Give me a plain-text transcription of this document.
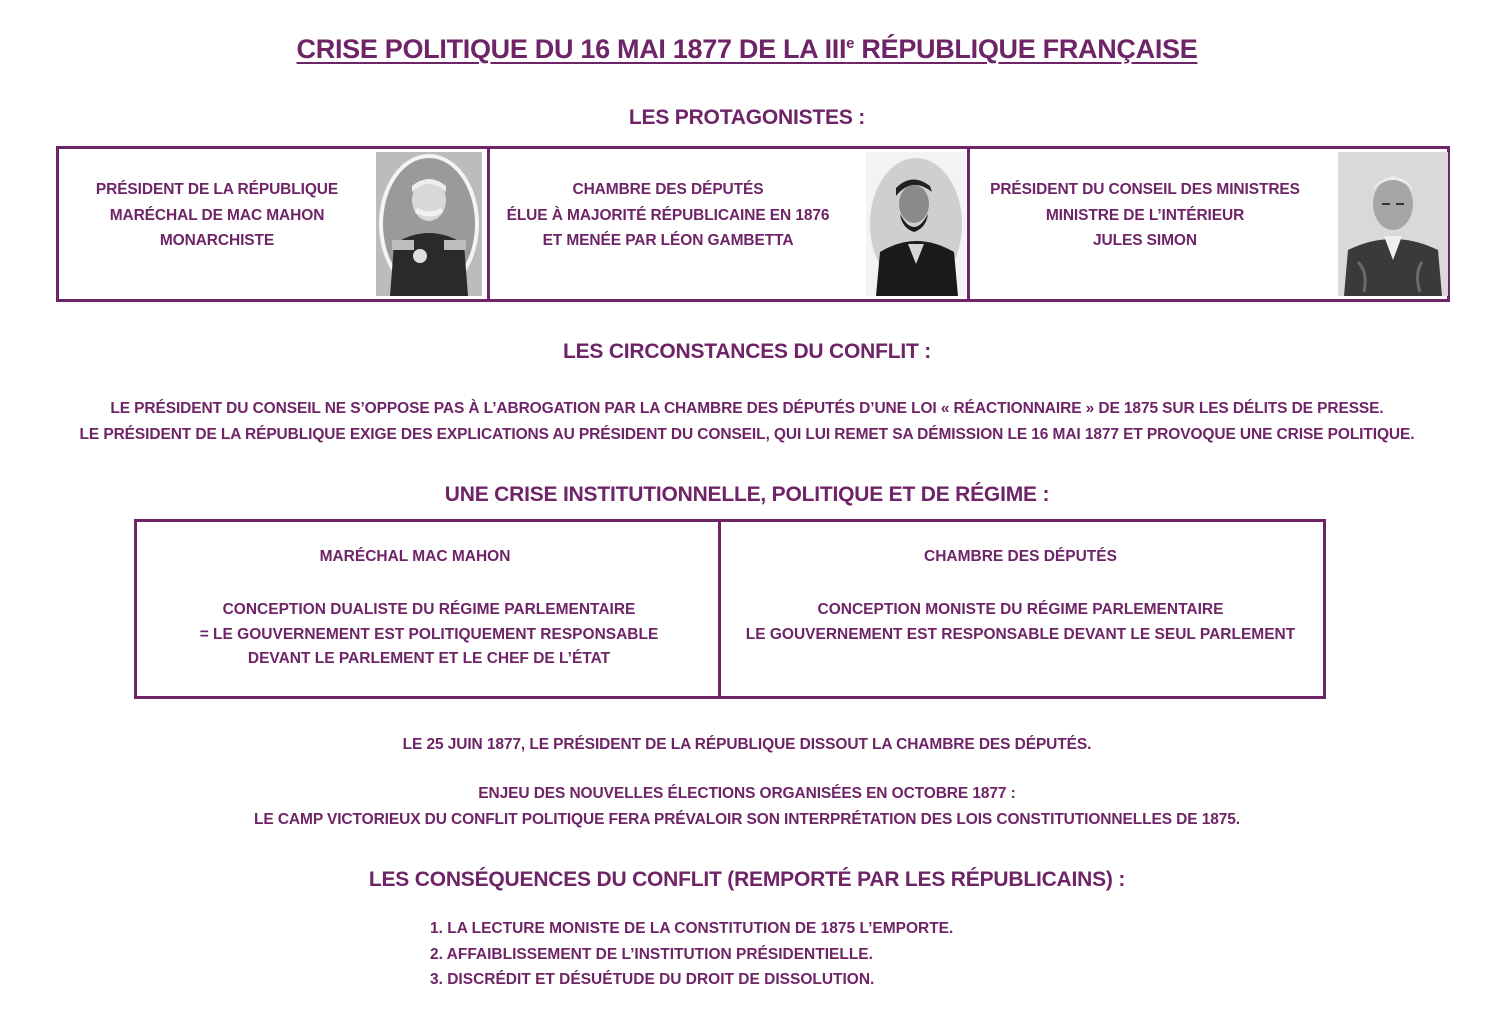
CRISE POLITIQUE DU 16 MAI 1877 DE LA IIIe RÉPUBLIQUE FRANÇAISE
LES PROTAGONISTES :
PRÉSIDENT DE LA RÉPUBLIQUE
MARÉCHAL DE MAC MAHON
MONARCHISTE
CHAMBRE DES DÉPUTÉS
ÉLUE À MAJORITÉ RÉPUBLICAINE EN 1876
ET MENÉE PAR LÉON GAMBETTA
PRÉSIDENT DU CONSEIL DES MINISTRES
MINISTRE DE L’INTÉRIEUR
JULES SIMON
LES CIRCONSTANCES DU CONFLIT :
LE PRÉSIDENT DU CONSEIL NE S’OPPOSE PAS À L’ABROGATION PAR LA CHAMBRE DES DÉPUTÉS D’UNE LOI « RÉACTIONNAIRE » DE 1875 SUR LES DÉLITS DE PRESSE.
LE PRÉSIDENT DE LA RÉPUBLIQUE EXIGE DES EXPLICATIONS AU PRÉSIDENT DU CONSEIL, QUI LUI REMET SA DÉMISSION LE 16 MAI 1877 ET PROVOQUE UNE CRISE POLITIQUE.
UNE CRISE INSTITUTIONNELLE, POLITIQUE ET DE RÉGIME :
MARÉCHAL MAC MAHON
CONCEPTION DUALISTE DU RÉGIME PARLEMENTAIRE
= LE GOUVERNEMENT EST POLITIQUEMENT RESPONSABLE
DEVANT LE PARLEMENT ET LE CHEF DE L’ÉTAT
CHAMBRE DES DÉPUTÉS
CONCEPTION MONISTE DU RÉGIME PARLEMENTAIRE
LE GOUVERNEMENT EST RESPONSABLE DEVANT LE SEUL PARLEMENT
LE 25 JUIN 1877, LE PRÉSIDENT DE LA RÉPUBLIQUE DISSOUT LA CHAMBRE DES DÉPUTÉS.
ENJEU DES NOUVELLES ÉLECTIONS ORGANISÉES EN OCTOBRE 1877 :
LE CAMP VICTORIEUX DU CONFLIT POLITIQUE FERA PRÉVALOIR SON INTERPRÉTATION DES LOIS CONSTITUTIONNELLES DE 1875.
LES CONSÉQUENCES DU CONFLIT (REMPORTÉ PAR LES RÉPUBLICAINS) :
1. LA LECTURE MONISTE DE LA CONSTITUTION DE 1875 L’EMPORTE.
2. AFFAIBLISSEMENT DE L’INSTITUTION PRÉSIDENTIELLE.
3. DISCRÉDIT ET DÉSUÉTUDE DU DROIT DE DISSOLUTION.
